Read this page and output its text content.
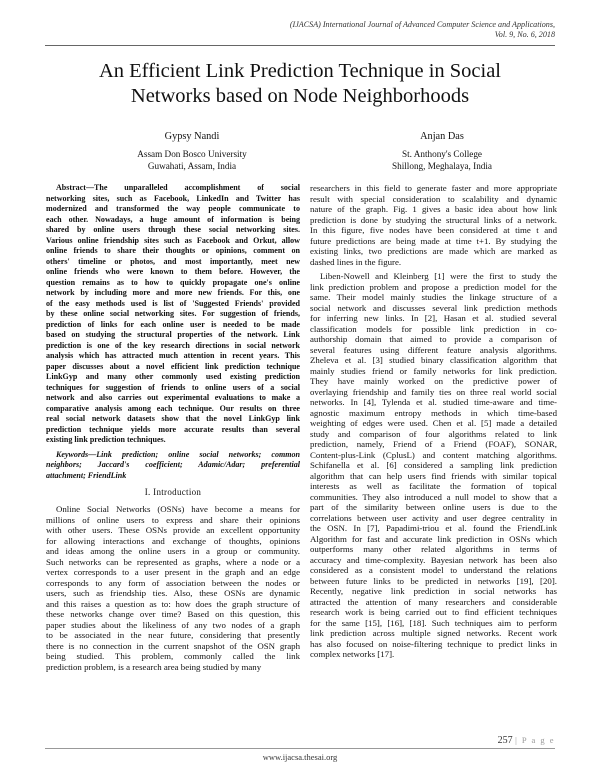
(IJACSA) International Journal of Advanced Computer Science and Applications,
Vol. 9, No. 6, 2018
An Efficient Link Prediction Technique in Social
Networks based on Node Neighborhoods
Gypsy Nandi
Assam Don Bosco University
Guwahati, Assam, India
Anjan Das
St. Anthony's College
Shillong, Meghalaya, India
Abstract—The unparalleled accomplishment of social
networking sites, such as Facebook, LinkedIn and Twitter has
modernized and transformed the way people communicate to
each other. Nowadays, a huge amount of information is being
shared by online users through these social networking sites.
Various online friendship sites such as Facebook and Orkut, allow
online friends to share their thoughts or opinions, comment on
others' timeline or photos, and most importantly, meet new
online friends who were known to them before. However, the
question remains as to how to quickly propagate one's online
network by including more and more new friends. For this, one
of the easy methods used is list of 'Suggested Friends' provided
by these online social networking sites. For suggestion of friends,
prediction of links for each online user is needed to be made
based on studying the structural properties of the network. Link
prediction is one of the key research directions in social network
analysis which has attracted much attention in recent years. This
paper discusses about a novel efficient link prediction technique
LinkGyp and many other commonly used existing prediction
techniques for suggestion of friends to online users of a social
network and also carries out experimental evaluations to make a
comparative analysis among each technique. Our results on three
real social network datasets show that the novel LinkGyp link
prediction technique yields more accurate results than several
existing link prediction techniques.
Keywords—Link prediction; online social networks; common
neighbors; Jaccard's coefficient; Adamic/Adar; preferential
attachment; FriendLink
I. Introduction
Online Social Networks (OSNs) have become a means for
millions of online users to express and share their opinions
with other users. These OSNs provide an excellent opportunity
for allowing interactions and exchange of thoughts, opinions
and ideas among the online users in a group or community.
Such networks can be represented as graphs, where a node or a
vertex corresponds to a user present in the graph and an edge
corresponds to any form of association between the nodes or
users, such as friendship ties. Also, these OSNs are dynamic
and this raises a question as to: how does the graph structure of
these networks change over time? Based on this question, this
paper studies about the likeliness of any two nodes of a graph
to be associated in the near future, considering that presently
there is no connection in the current snapshot of the OSN graph
being studied. This problem, commonly called the link
prediction problem, is a research area being studied by many
researchers in this field to generate faster and more appropriate
result with special consideration to scalability and dynamic
nature of the graph. Fig. 1 gives a basic idea about how link
prediction is done by studying the structural links of a network.
In this figure, five nodes have been considered at time t and
future predictions are being made at time t+1. By studying the
existing links, two predictions are made which are marked as
dashed lines in the figure.
Liben-Nowell and Kleinberg [1] were the first to study the
link prediction problem and propose a prediction model for the
same. Their model mainly studies the linkage structure of a
social network and discusses several link prediction methods
for inferring new links. In [2], Hasan et al. studied several
classification models for possible link prediction in co-
authorship domain that aimed to provide a comparison of
several features using different feature analysis algorithms.
Zheleva et al. [3] studied binary classification algorithm that
mainly studies friend or family networks for link prediction.
They have mainly worked on the predictive power of
overlaying friendship and family ties on three real world social
networks. In [4], Tylenda et al. studied time-aware and time-
agnostic maximum entropy methods in which time-based
weighting of edges were used. Chen et al. [5] made a detailed
study and comparison of four algorithms related to link
prediction, namely, Friend of a Friend (FOAF), SONAR,
Content-plus-Link (CplusL) and content matching algorithms.
Schifanella et al. [6] considered a sampling link prediction
algorithm that can help users find friends with similar topical
interests as well as facilitate the formation of topical
communities. They also introduced a null model to show that a
part of the similarity between online users is due to the
correlations between user activity and user degree centrality in
the OSN. In [7], Papadimi-triou et al. found the FriendLink
Algorithm for fast and accurate link prediction in OSNs which
outperforms many other related algorithms in terms of
accuracy and time-complexity. Bayesian network has been also
considered as a consistent model to understand the relations
between future links to be predicted in networks [19], [20].
Recently, negative link prediction in social networks has
attracted the attention of many researchers and considerable
research work is being carried out to find efficient techniques
for the same [15], [16], [18]. Such techniques aim to perform
link prediction across multiple signed networks. Recent work
has also focused on noise-filtering technique to predict links in
complex networks [17].
257 | P a g e
www.ijacsa.thesai.org
